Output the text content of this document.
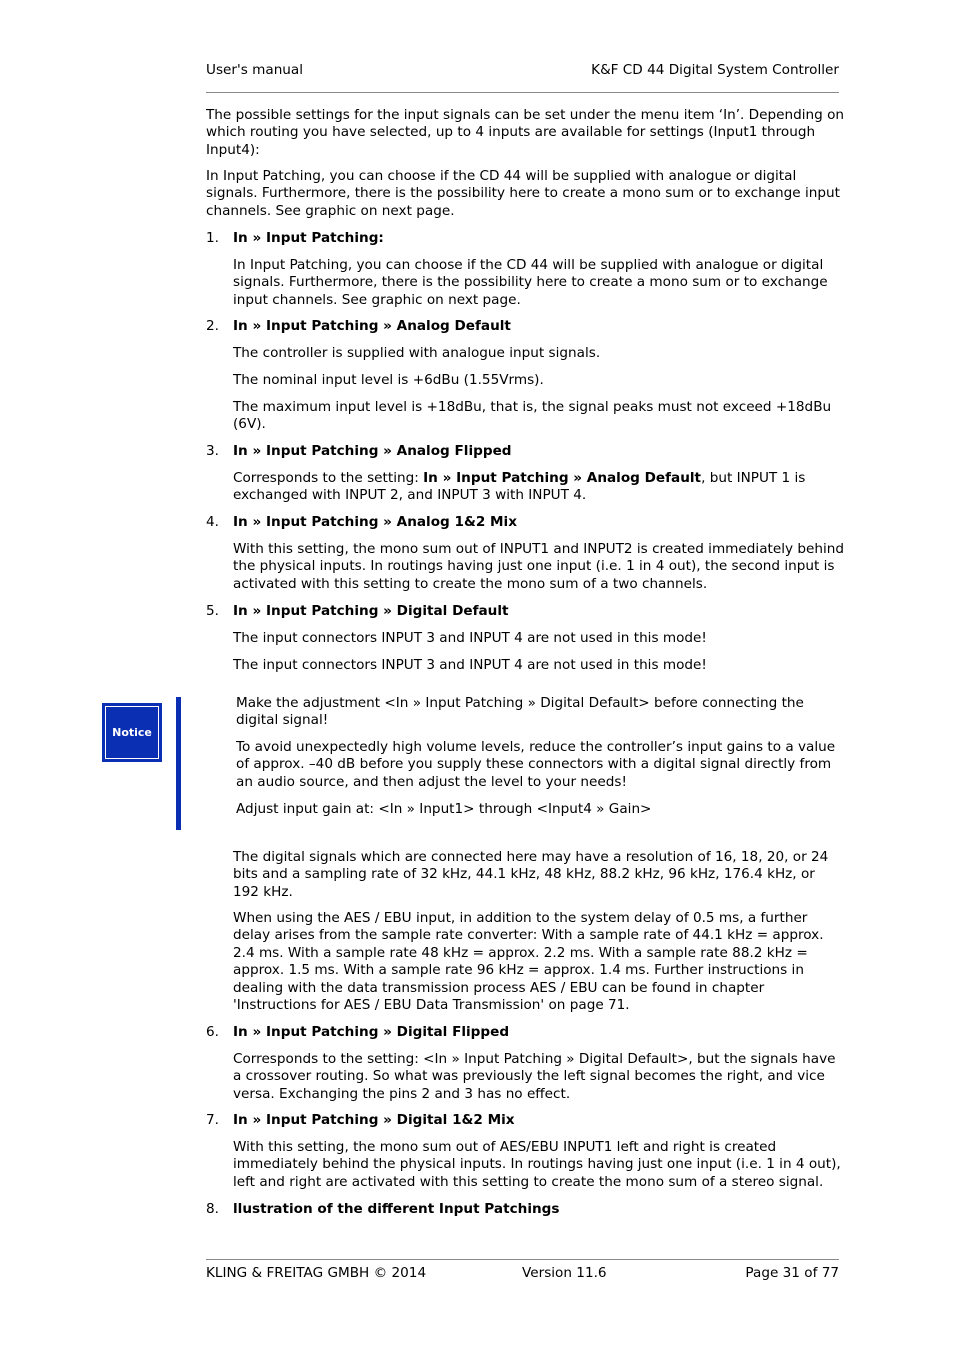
User's manual	K&F CD 44 Digital System Controller

The possible settings for the input signals can be set under the menu item ‘In’. Depending on which routing you have selected, up to 4 inputs are available for settings (Input1 through Input4):

In Input Patching, you can choose if the CD 44 will be supplied with analogue or digital signals. Furthermore, there is the possibility here to create a mono sum or to exchange input channels. See graphic on next page.

1. In » Input Patching:

In Input Patching, you can choose if the CD 44 will be supplied with analogue or digital signals. Furthermore, there is the possibility here to create a mono sum or to exchange input channels. See graphic on next page.

2. In » Input Patching » Analog Default

The controller is supplied with analogue input signals.

The nominal input level is +6dBu (1.55Vrms).

The maximum input level is +18dBu, that is, the signal peaks must not exceed +18dBu (6V).

3. In » Input Patching » Analog Flipped

Corresponds to the setting: In » Input Patching » Analog Default, but INPUT 1 is exchanged with INPUT 2, and INPUT 3 with INPUT 4.

4. In » Input Patching » Analog 1&2 Mix

With this setting, the mono sum out of INPUT1 and INPUT2 is created immediately behind the physical inputs. In routings having just one input (i.e. 1 in 4 out), the second input is activated with this setting to create the mono sum of a two channels.

5. In » Input Patching » Digital Default

The input connectors INPUT 3 and INPUT 4 are not used in this mode!

The input connectors INPUT 3 and INPUT 4 are not used in this mode!

Notice

Make the adjustment <In » Input Patching » Digital Default> before connecting the digital signal!

To avoid unexpectedly high volume levels, reduce the controller’s input gains to a value of approx. –40 dB before you supply these connectors with a digital signal directly from an audio source, and then adjust the level to your needs!

Adjust input gain at: <In » Input1> through <Input4 » Gain>

The digital signals which are connected here may have a resolution of 16, 18, 20, or 24 bits and a sampling rate of 32 kHz, 44.1 kHz, 48 kHz, 88.2 kHz, 96 kHz, 176.4 kHz, or 192 kHz.

When using the AES / EBU input, in addition to the system delay of 0.5 ms, a further delay arises from the sample rate converter: With a sample rate of 44.1 kHz = approx. 2.4 ms. With a sample rate 48 kHz = approx. 2.2 ms. With a sample rate 88.2 kHz = approx. 1.5 ms. With a sample rate 96 kHz = approx. 1.4 ms. Further instructions in dealing with the data transmission process AES / EBU can be found in chapter 'Instructions for AES / EBU Data Transmission' on page 71.

6. In » Input Patching » Digital Flipped

Corresponds to the setting: <In » Input Patching » Digital Default>, but the signals have a crossover routing. So what was previously the left signal becomes the right, and vice versa. Exchanging the pins 2 and 3 has no effect.

7. In » Input Patching » Digital 1&2 Mix

With this setting, the mono sum out of AES/EBU INPUT1 left and right is created immediately behind the physical inputs. In routings having just one input (i.e. 1 in 4 out), left and right are activated with this setting to create the mono sum of a stereo signal.

8. llustration of the different Input Patchings
KLING & FREITAG GMBH © 2014	Version 11.6	Page 31 of 77
